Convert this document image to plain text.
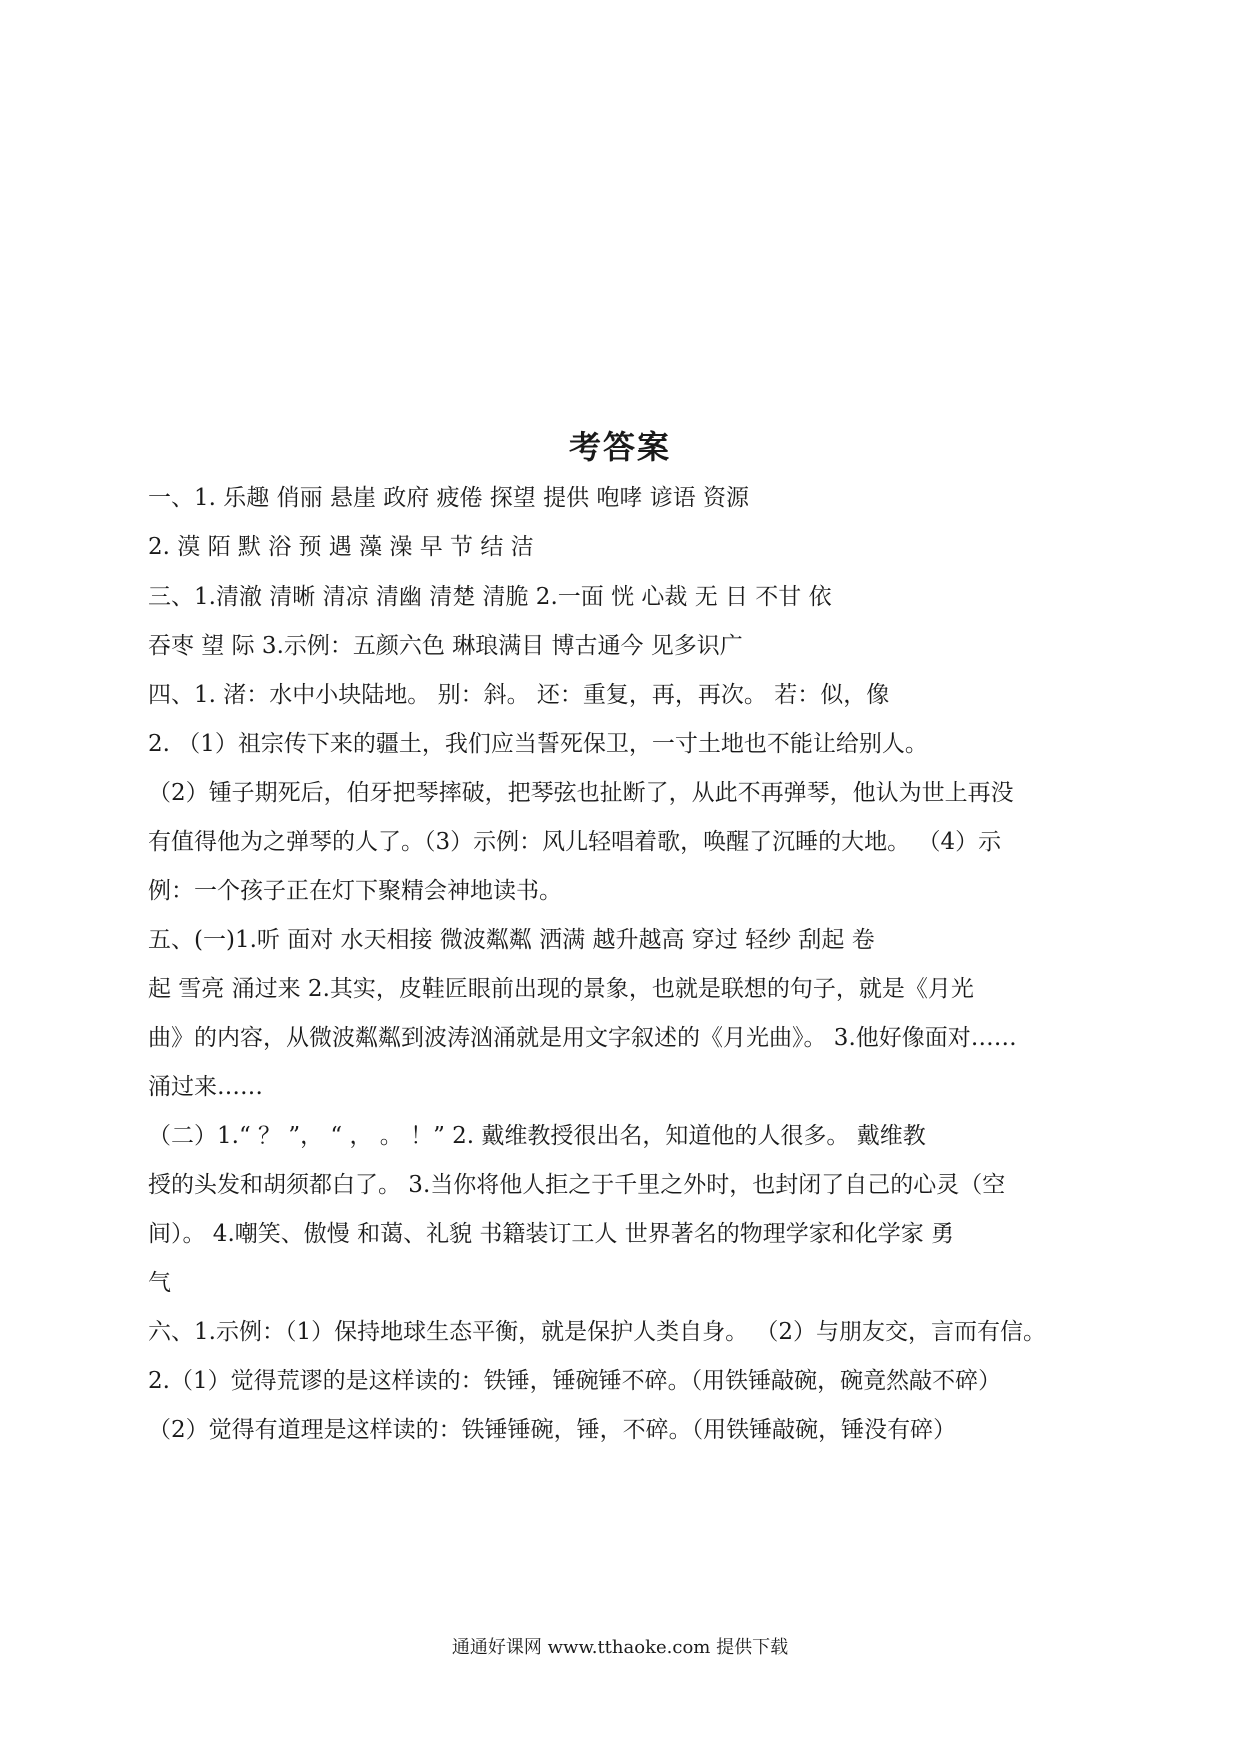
考答案
一、1. 乐趣 俏丽 悬崖 政府 疲倦 探望 提供 咆哮 谚语 资源
2. 漠 陌 默 浴 预 遇 藻 澡 早 节 结 洁
三、1.清澈 清晰 清凉 清幽 清楚 清脆 2.一面 恍 心裁 无 日 不甘 依
吞枣 望 际 3.示例：五颜六色 琳琅满目 博古通今 见多识广
四、1. 渚：水中小块陆地。 别：斜。 还：重复，再，再次。 若：似，像
2. （1）祖宗传下来的疆土，我们应当誓死保卫，一寸土地也不能让给别人。
（2）锺子期死后，伯牙把琴摔破，把琴弦也扯断了，从此不再弹琴，他认为世上再没
有值得他为之弹琴的人了。（3）示例：风儿轻唱着歌，唤醒了沉睡的大地。 （4）示
例：一个孩子正在灯下聚精会神地读书。
五、(一)1.听 面对 水天相接 微波粼粼 洒满 越升越高 穿过 轻纱 刮起 卷
起 雪亮 涌过来 2.其实，皮鞋匠眼前出现的景象，也就是联想的句子，就是《月光
曲》的内容，从微波粼粼到波涛汹涌就是用文字叙述的《月光曲》。 3.他好像面对……
涌过来……
（二）1.“ ？ ”， “ ， 。 ！” 2. 戴维教授很出名，知道他的人很多。 戴维教
授的头发和胡须都白了。 3.当你将他人拒之于千里之外时，也封闭了自己的心灵（空
间）。 4.嘲笑、傲慢 和蔼、礼貌 书籍装订工人 世界著名的物理学家和化学家 勇
气
六、1.示例：（1）保持地球生态平衡，就是保护人类自身。 （2）与朋友交，言而有信。
2.（1）觉得荒谬的是这样读的：铁锤，锤碗锤不碎。（用铁锤敲碗，碗竟然敲不碎）
（2）觉得有道理是这样读的：铁锤锤碗，锤，不碎。（用铁锤敲碗，锤没有碎）
通通好课网 www.tthaoke.com 提供下载
